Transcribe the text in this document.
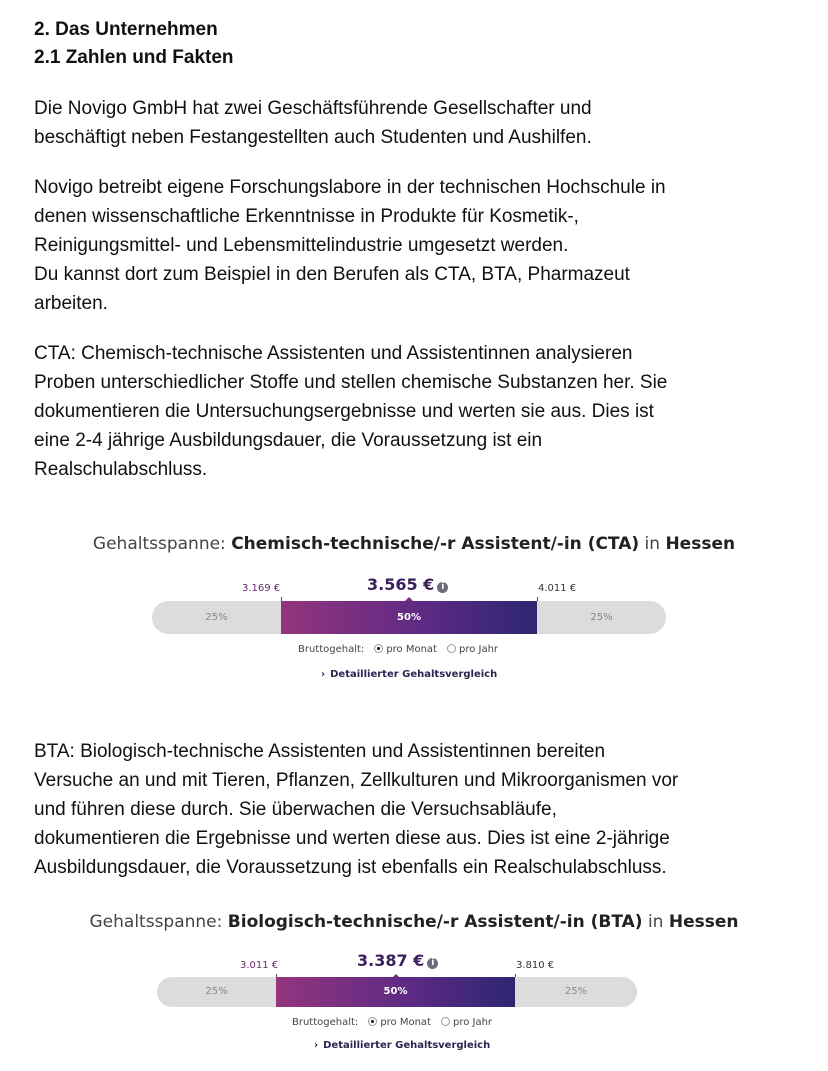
2. Das Unternehmen
2.1 Zahlen und Fakten

Die Novigo GmbH hat zwei Geschäftsführende Gesellschafter und

beschäftigt neben Festangestellten auch Studenten und Aushilfen.

Novigo betreibt eigene Forschungslabore in der technischen Hochschule in

denen wissenschaftliche Erkenntnisse in Produkte für Kosmetik-,

Reinigungsmittel- und Lebensmittelindustrie umgesetzt werden.

Du kannst dort zum Beispiel in den Berufen als CTA, BTA, Pharmazeut

arbeiten.

CTA: Chemisch-technische Assistenten und Assistentinnen analysieren

Proben unterschiedlicher Stoffe und stellen chemische Substanzen her. Sie

dokumentieren die Untersuchungsergebnisse und werten sie aus. Dies ist

eine 2-4 jährige Ausbildungsdauer, die Voraussetzung ist ein

Realschulabschluss.

Gehaltsspanne: Chemisch-technische/-r Assistent/-in (CTA) in Hessen
3.169 €	3.565 € i	4.011 €
25%	50%	25%
Bruttogehalt: pro Monat pro Jahr
› Detaillierter Gehaltsvergleich

BTA: Biologisch-technische Assistenten und Assistentinnen bereiten

Versuche an und mit Tieren, Pflanzen, Zellkulturen und Mikroorganismen vor

und führen diese durch. Sie überwachen die Versuchsabläufe,

dokumentieren die Ergebnisse und werten diese aus. Dies ist eine 2-jährige

Ausbildungsdauer, die Voraussetzung ist ebenfalls ein Realschulabschluss.

Gehaltsspanne: Biologisch-technische/-r Assistent/-in (BTA) in Hessen
3.011 €	3.387 € i	3.810 €
25%	50%	25%
Bruttogehalt: pro Monat pro Jahr
› Detaillierter Gehaltsvergleich
